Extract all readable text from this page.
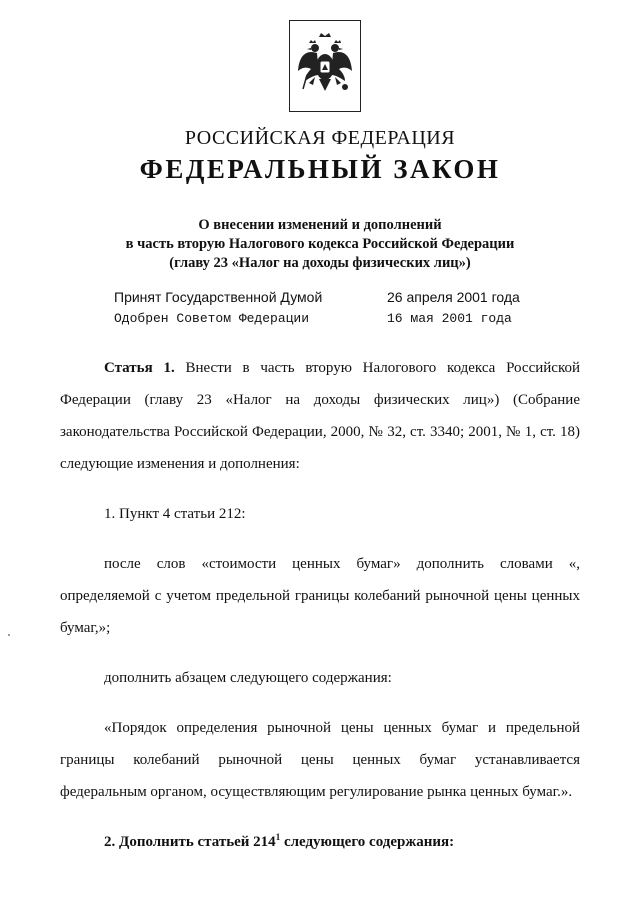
РОССИЙСКАЯ ФЕДЕРАЦИЯ
ФЕДЕРАЛЬНЫЙ ЗАКОН
О внесении изменений и дополнений
в часть вторую Налогового кодекса Российской Федерации
(главу 23 «Налог на доходы физических лиц»)
Принят Государственной Думой	26 апреля 2001 года
Одобрен Советом Федерации	16 мая 2001 года

Статья 1. Внести в часть вторую Налогового кодекса Российской Федерации (главу 23 «Налог на доходы физических лиц») (Собрание законодательства Российской Федерации, 2000, № 32, ст. 3340; 2001, № 1, ст. 18) следующие изменения и дополнения:

1. Пункт 4 статьи 212:

после слов «стоимости ценных бумаг» дополнить словами «, определяемой с учетом предельной границы колебаний рыночной цены ценных бумаг,»;

дополнить абзацем следующего содержания:

«Порядок определения рыночной цены ценных бумаг и предельной границы колебаний рыночной цены ценных бумаг устанавливается федеральным органом, осуществляющим регулирование рынка ценных бумаг.».

2. Дополнить статьей $214^1$ следующего содержания:
